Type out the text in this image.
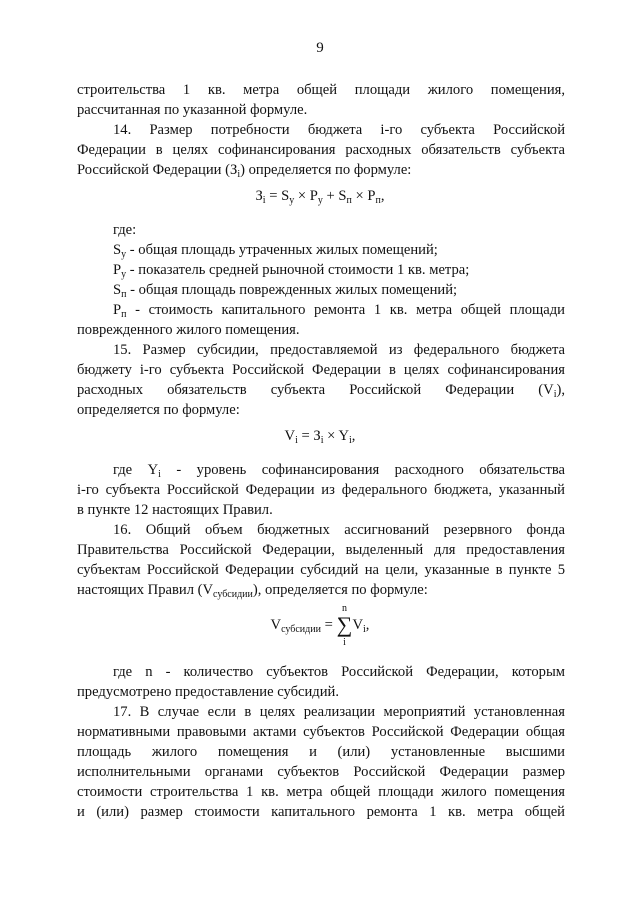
9
строительства 1 кв. метра общей площади жилого помещения,
рассчитанная по указанной формуле.
14. Размер потребности бюджета i-го субъекта Российской
Федерации в целях софинансирования расходных обязательств субъекта
Российской Федерации $(З_i)$ определяется по формуле:
где:
$S_у$ - общая площадь утраченных жилых помещений;
$P_у$ - показатель средней рыночной стоимости 1 кв. метра;
$S_п$ - общая площадь поврежденных жилых помещений;
$P_п$ - стоимость капитального ремонта 1 кв. метра общей площади
поврежденного жилого помещения.
15. Размер субсидии, предоставляемой из федерального бюджета
бюджету i-го субъекта Российской Федерации в целях софинансирования
расходных обязательств субъекта Российской Федерации $(V_i)$,
определяется по формуле:
где $Y_i$ - уровень софинансирования расходного обязательства
i-го субъекта Российской Федерации из федерального бюджета, указанный
в пункте 12 настоящих Правил.
16. Общий объем бюджетных ассигнований резервного фонда
Правительства Российской Федерации, выделенный для предоставления
субъектам Российской Федерации субсидий на цели, указанные в пункте 5
настоящих Правил $(V_{субсидии})$, определяется по формуле:
где n - количество субъектов Российской Федерации, которым
предусмотрено предоставление субсидий.
17. В случае если в целях реализации мероприятий установленная
нормативными правовыми актами субъектов Российской Федерации общая
площадь жилого помещения и (или) установленные высшими
исполнительными органами субъектов Российской Федерации размер
стоимости строительства 1 кв. метра общей площади жилого помещения
и (или) размер стоимости капитального ремонта 1 кв. метра общей
$З_i = S_у \times P_у + S_п \times P_п$,
$V_i = З_i \times Y_i$,
$V_{субсидии}$ =
n
∑
i
$V_i$,
